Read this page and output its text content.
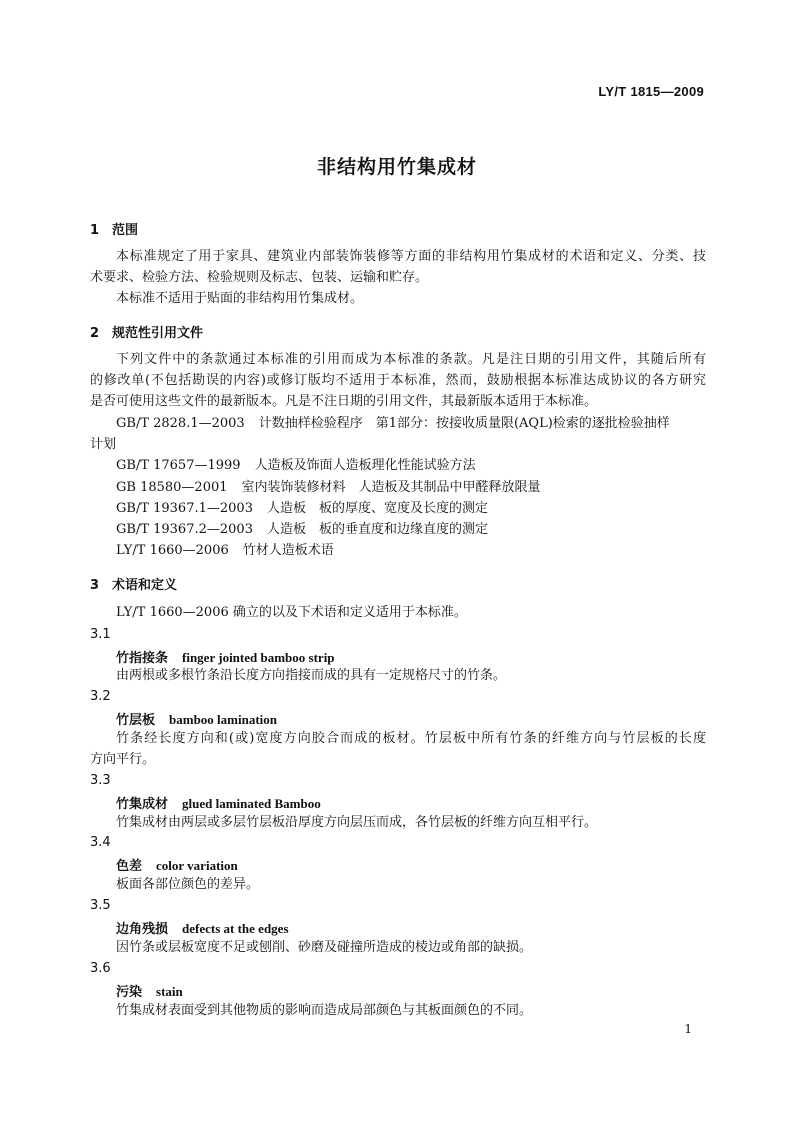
LY/T 1815—2009
非结构用竹集成材
1 范围
本标准规定了用于家具、建筑业内部装饰装修等方面的非结构用竹集成材的术语和定义、分类、技
术要求、检验方法、检验规则及标志、包装、运输和贮存。
本标准不适用于贴面的非结构用竹集成材。
2 规范性引用文件
下列文件中的条款通过本标准的引用而成为本标准的条款。凡是注日期的引用文件，其随后所有
的修改单(不包括勘误的内容)或修订版均不适用于本标准，然而，鼓励根据本标准达成协议的各方研究
是否可使用这些文件的最新版本。凡是不注日期的引用文件，其最新版本适用于本标准。
GB/T 2828.1—2003 计数抽样检验程序　第1部分：按接收质量限(AQL)检索的逐批检验抽样
计划
GB/T 17657—1999 人造板及饰面人造板理化性能试验方法
GB 18580—2001 室内装饰装修材料　人造板及其制品中甲醛释放限量
GB/T 19367.1—2003 人造板　板的厚度、宽度及长度的测定
GB/T 19367.2—2003 人造板　板的垂直度和边缘直度的测定
LY/T 1660—2006 竹材人造板术语
3 术语和定义
LY/T 1660—2006 确立的以及下术语和定义适用于本标准。
3.1
竹指接条 finger jointed bamboo strip
由两根或多根竹条沿长度方向指接而成的具有一定规格尺寸的竹条。
3.2
竹层板 bamboo lamination
竹条经长度方向和(或)宽度方向胶合而成的板材。竹层板中所有竹条的纤维方向与竹层板的长度
方向平行。
3.3
竹集成材 glued laminated Bamboo
竹集成材由两层或多层竹层板沿厚度方向层压而成，各竹层板的纤维方向互相平行。
3.4
色差 color variation
板面各部位颜色的差异。
3.5
边角残损 defects at the edges
因竹条或层板宽度不足或刨削、砂磨及碰撞所造成的棱边或角部的缺损。
3.6
污染 stain
竹集成材表面受到其他物质的影响而造成局部颜色与其板面颜色的不同。
1
